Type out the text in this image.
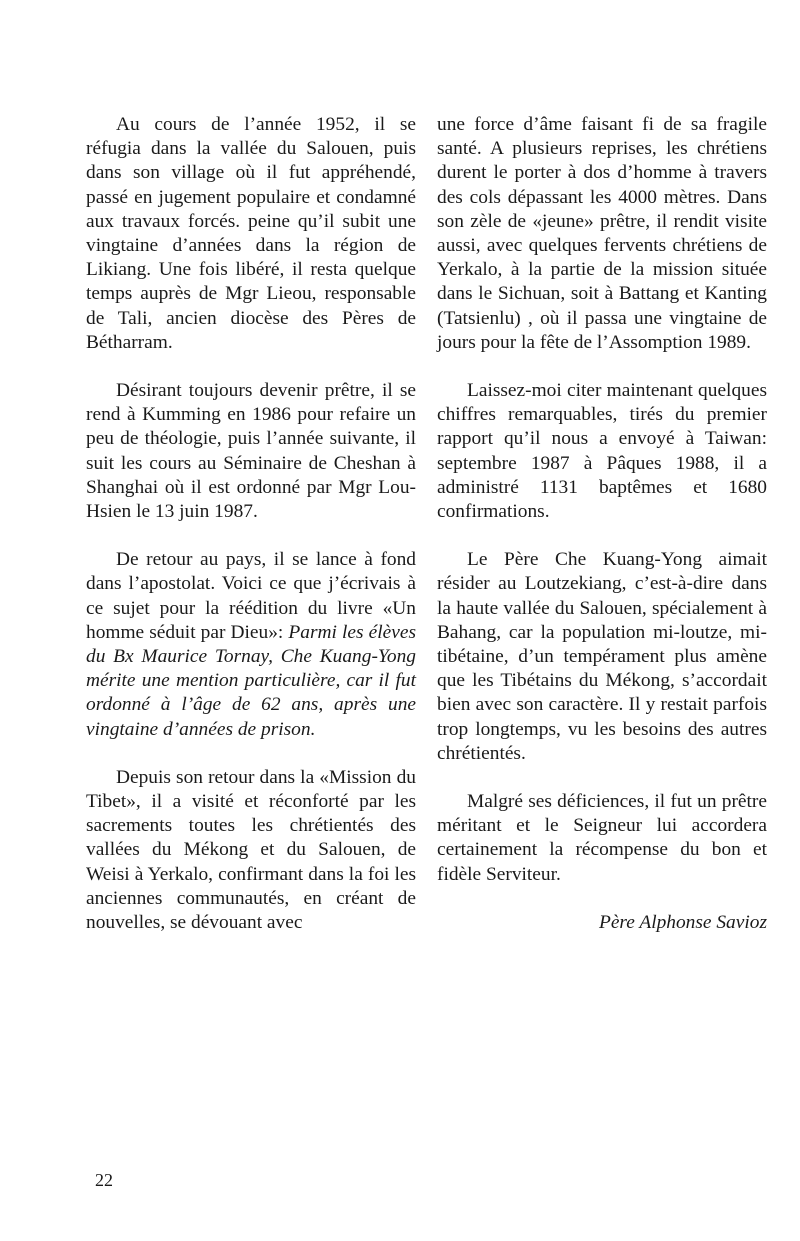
Au cours de l’année 1952, il se réfugia dans la vallée du Salouen, puis dans son village où il fut appréhendé, passé en jugement populaire et condamné aux travaux forcés. peine qu’il subit une vingtaine d’années dans la région de Likiang. Une fois libéré, il resta quelque temps auprès de Mgr Lieou, responsable de Tali, ancien diocèse des Pères de Bétharram.

Désirant toujours devenir prêtre, il se rend à Kumming en 1986 pour refaire un peu de théologie, puis l’année suivante, il suit les cours au Séminaire de Cheshan à Shanghai où il est ordonné par Mgr Lou-Hsien le 13 juin 1987.

De retour au pays, il se lance à fond dans l’apostolat. Voici ce que j’écrivais à ce sujet pour la réédition du livre «Un homme séduit par Dieu»: Parmi les élèves du Bx Maurice Tornay, Che Kuang-Yong mérite une mention particulière, car il fut ordonné à l’âge de 62 ans, après une vingtaine d’années de prison.

Depuis son retour dans la «Mission du Tibet», il a visité et réconforté par les sacrements toutes les chrétientés des vallées du Mékong et du Salouen, de Weisi à Yerkalo, confirmant dans la foi les anciennes communautés, en créant de nouvelles, se dévouant avec

une force d’âme faisant fi de sa fragile santé. A plusieurs reprises, les chrétiens durent le porter à dos d’homme à travers des cols dépassant les 4000 mètres. Dans son zèle de «jeune» prêtre, il rendit visite aussi, avec quelques fervents chrétiens de Yerkalo, à la partie de la mission située dans le Sichuan, soit à Battang et Kanting (Tatsienlu) , où il passa une vingtaine de jours pour la fête de l’Assomption 1989.

Laissez-moi citer maintenant quelques chiffres remarquables, tirés du premier rapport qu’il nous a envoyé à Taiwan: septembre 1987 à Pâques 1988, il a administré 1131 baptêmes et 1680 confirmations.

Le Père Che Kuang-Yong aimait résider au Loutzekiang, c’est-à-dire dans la haute vallée du Salouen, spécialement à Bahang, car la population mi-loutze, mi-tibétaine, d’un tempérament plus amène que les Tibétains du Mékong, s’accordait bien avec son caractère. Il y restait parfois trop longtemps, vu les besoins des autres chrétientés.

Malgré ses déficiences, il fut un prêtre méritant et le Seigneur lui accordera certainement la récompense du bon et fidèle Serviteur.

Père Alphonse Savioz

22
